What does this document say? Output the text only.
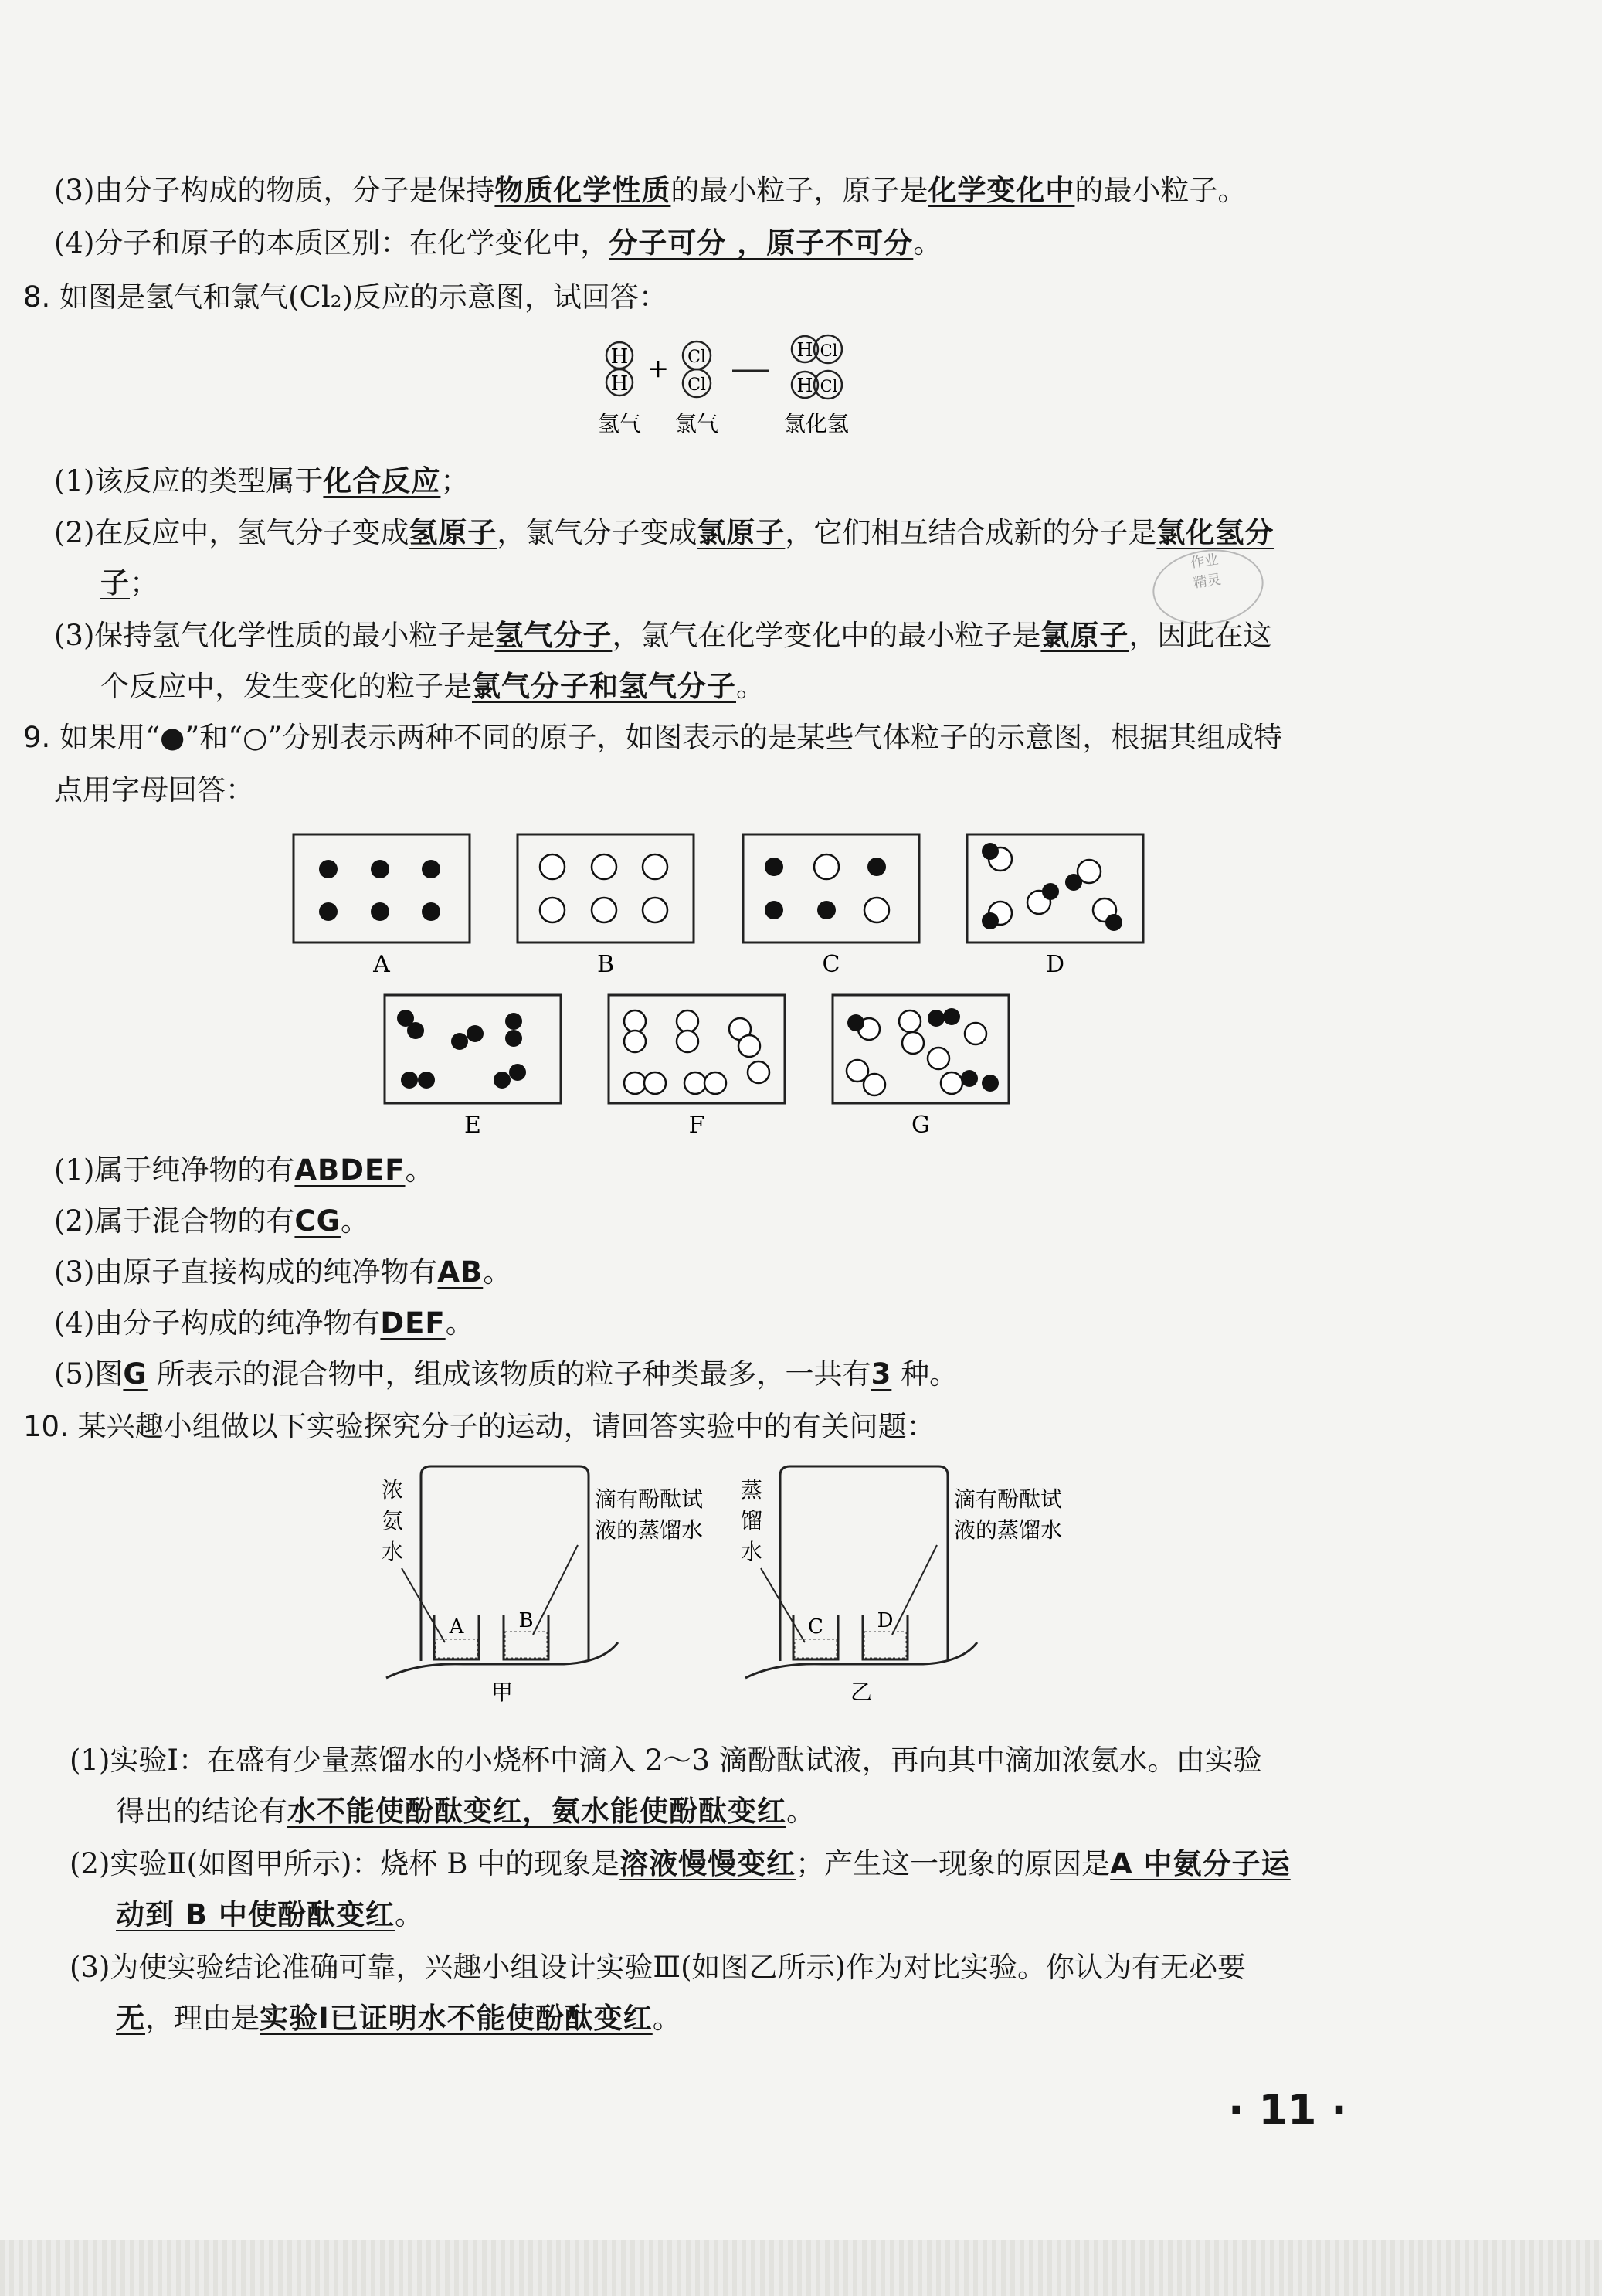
(3)由分子构成的物质，分子是保持物质化学性质的最小粒子，原子是化学变化中的最小粒子。
(4)分子和原子的本质区别：在化学变化中，分子可分 ，原子不可分。
8. 如图是氢气和氯气(Cl₂)反应的示意图，试回答：
H
H + Cl
Cl
H Cl
H Cl
氢气 氯气	氯化氢
(1)该反应的类型属于化合反应；
(2)在反应中，氢气分子变成氢原子，氯气分子变成氯原子，它们相互结合成新的分子是氯化氢分
子；
作业
精灵
(3)保持氢气化学性质的最小粒子是氢气分子，氯气在化学变化中的最小粒子是氯原子，因此在这
个反应中，发生变化的粒子是氯气分子和氢气分子。
9. 如果用“●”和“○”分别表示两种不同的原子，如图表示的是某些气体粒子的示意图，根据其组成特
点用字母回答：
A	B	C	D
E	F	G
(1)属于纯净物的有ABDEF。
(2)属于混合物的有CG。
(3)由原子直接构成的纯净物有AB。
(4)由分子构成的纯净物有DEF。
(5)图G 所表示的混合物中，组成该物质的粒子种类最多，一共有3 种。
10. 某兴趣小组做以下实验探究分子的运动，请回答实验中的有关问题：
A	B
浓
氨
水
滴有酚酞试
液的蒸馏水
甲
C	D
蒸
馏
水
滴有酚酞试
液的蒸馏水
乙
(1)实验Ⅰ：在盛有少量蒸馏水的小烧杯中滴入 2～3 滴酚酞试液，再向其中滴加浓氨水。由实验
得出的结论有水不能使酚酞变红，氨水能使酚酞变红。
(2)实验Ⅱ(如图甲所示)：烧杯 B 中的现象是溶液慢慢变红；产生这一现象的原因是A 中氨分子运
动到 B 中使酚酞变红。
(3)为使实验结论准确可靠，兴趣小组设计实验Ⅲ(如图乙所示)作为对比实验。你认为有无必要
无，理由是实验Ⅰ已证明水不能使酚酞变红。
· 11 ·
